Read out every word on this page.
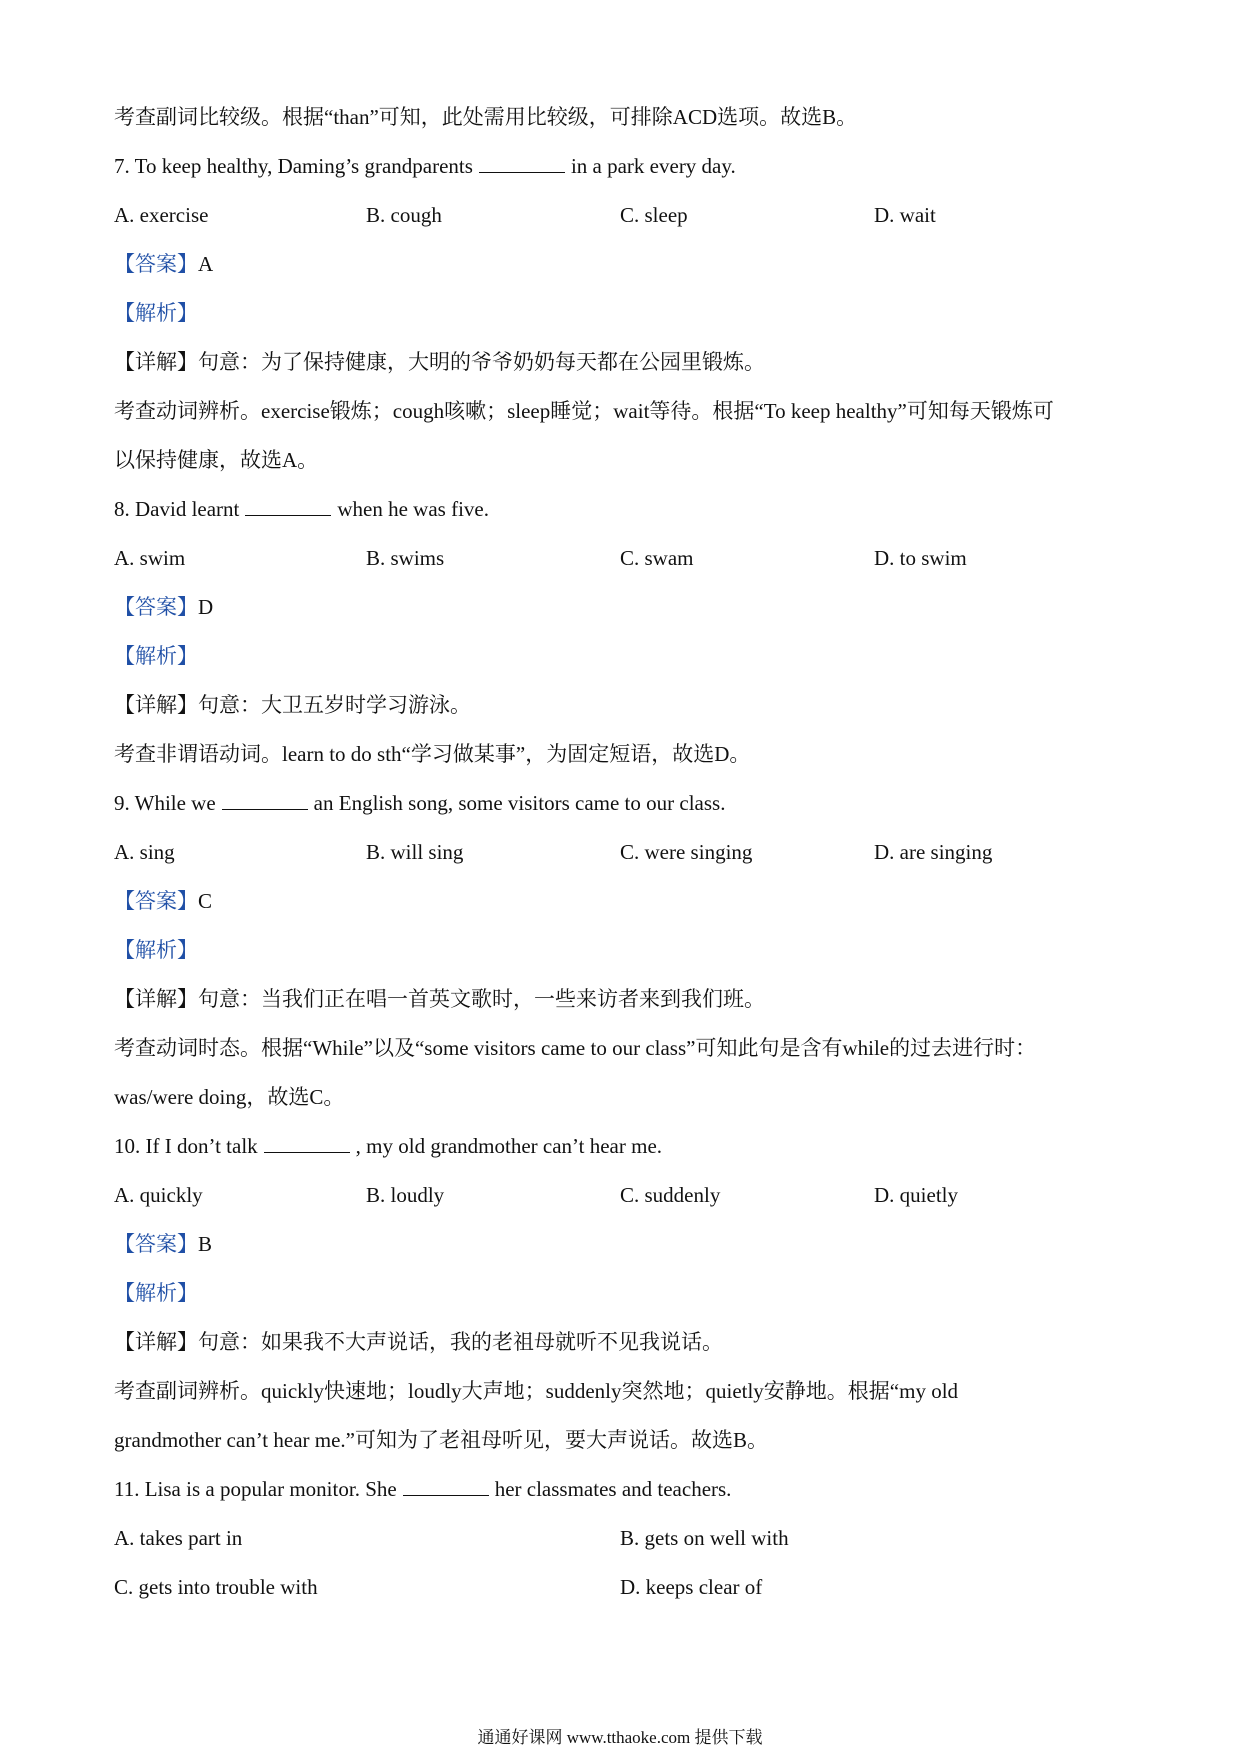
考查副词比较级。根据“than”可知，此处需用比较级，可排除ACD选项。故选B。
7. To keep healthy, Daming’s grandparents	in a park every day.
A. exercise	B. cough	C. sleep	D. wait
【答案】A
【解析】
【详解】句意：为了保持健康，大明的爷爷奶奶每天都在公园里锻炼。
考查动词辨析。exercise锻炼；cough咳嗽；sleep睡觉；wait等待。根据“To keep healthy”可知每天锻炼可
以保持健康，故选A。
8. David learnt	when he was five.
A. swim	B. swims	C. swam	D. to swim
【答案】D
【解析】
【详解】句意：大卫五岁时学习游泳。
考查非谓语动词。learn to do sth“学习做某事”，为固定短语，故选D。
9. While we	an English song, some visitors came to our class.
A. sing	B. will sing	C. were singing	D. are singing
【答案】C
【解析】
【详解】句意：当我们正在唱一首英文歌时，一些来访者来到我们班。
考查动词时态。根据“While”以及“some visitors came to our class”可知此句是含有while的过去进行时：
was/were doing，故选C。
10. If I don’t talk	, my old grandmother can’t hear me.
A. quickly	B. loudly	C. suddenly	D. quietly
【答案】B
【解析】
【详解】句意：如果我不大声说话，我的老祖母就听不见我说话。
考查副词辨析。quickly快速地；loudly大声地；suddenly突然地；quietly安静地。根据“my old
grandmother can’t hear me.”可知为了老祖母听见，要大声说话。故选B。
11. Lisa is a popular monitor. She	her classmates and teachers.
A. takes part in	B. gets on well with
C. gets into trouble with	D. keeps clear of
通通好课网 www.tthaoke.com 提供下载
